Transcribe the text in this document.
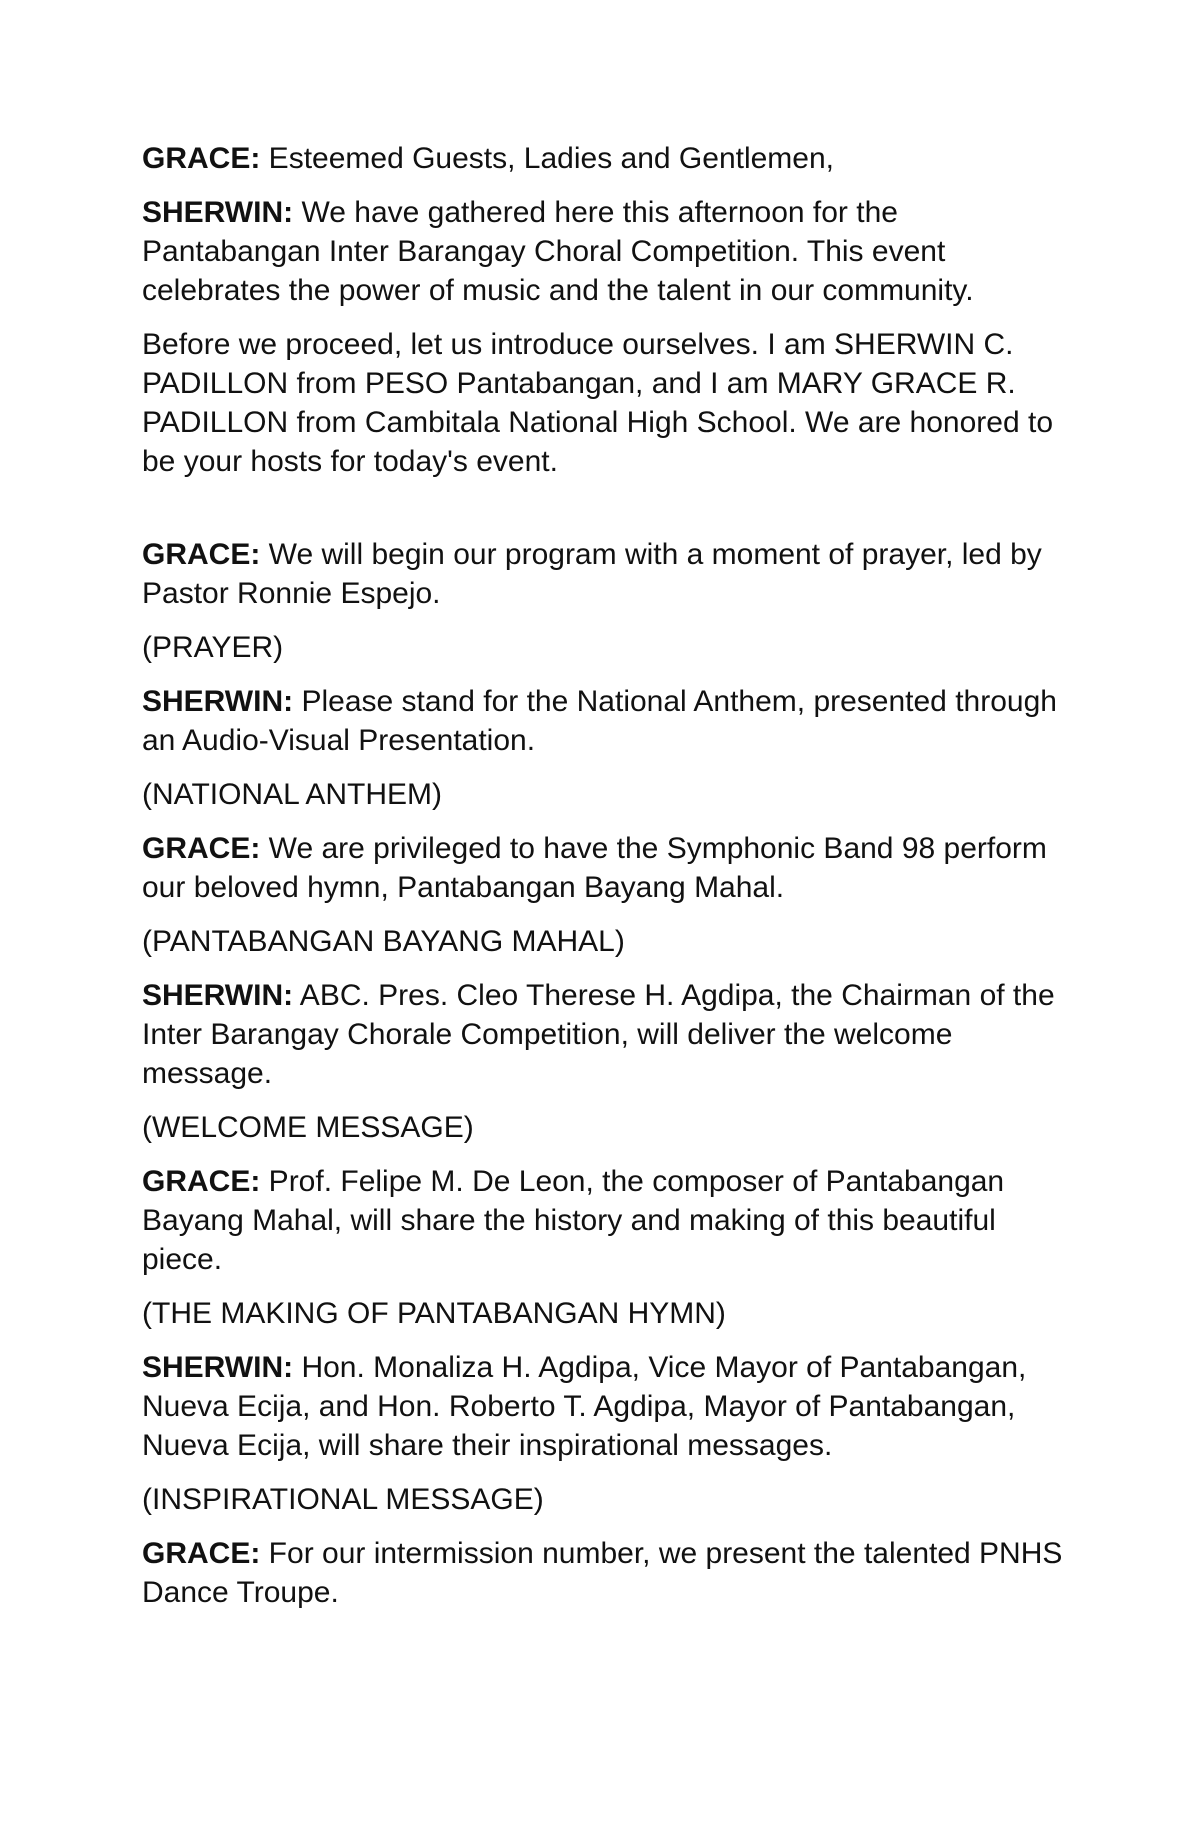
GRACE: Esteemed Guests, Ladies and Gentlemen,

SHERWIN: We have gathered here this afternoon for the Pantabangan Inter Barangay Choral Competition. This event celebrates the power of music and the talent in our community.

Before we proceed, let us introduce ourselves. I am SHERWIN C. PADILLON from PESO Pantabangan, and I am MARY GRACE R. PADILLON from Cambitala National High School. We are honored to be your hosts for today's event.

GRACE: We will begin our program with a moment of prayer, led by Pastor Ronnie Espejo.

(PRAYER)

SHERWIN: Please stand for the National Anthem, presented through an Audio-Visual Presentation.

(NATIONAL ANTHEM)

GRACE: We are privileged to have the Symphonic Band 98 perform our beloved hymn, Pantabangan Bayang Mahal.

(PANTABANGAN BAYANG MAHAL)

SHERWIN: ABC. Pres. Cleo Therese H. Agdipa, the Chairman of the Inter Barangay Chorale Competition, will deliver the welcome message.

(WELCOME MESSAGE)

GRACE: Prof. Felipe M. De Leon, the composer of Pantabangan Bayang Mahal, will share the history and making of this beautiful piece.

(THE MAKING OF PANTABANGAN HYMN)

SHERWIN: Hon. Monaliza H. Agdipa, Vice Mayor of Pantabangan, Nueva Ecija, and Hon. Roberto T. Agdipa, Mayor of Pantabangan, Nueva Ecija, will share their inspirational messages.

(INSPIRATIONAL MESSAGE)

GRACE: For our intermission number, we present the talented PNHS Dance Troupe.
